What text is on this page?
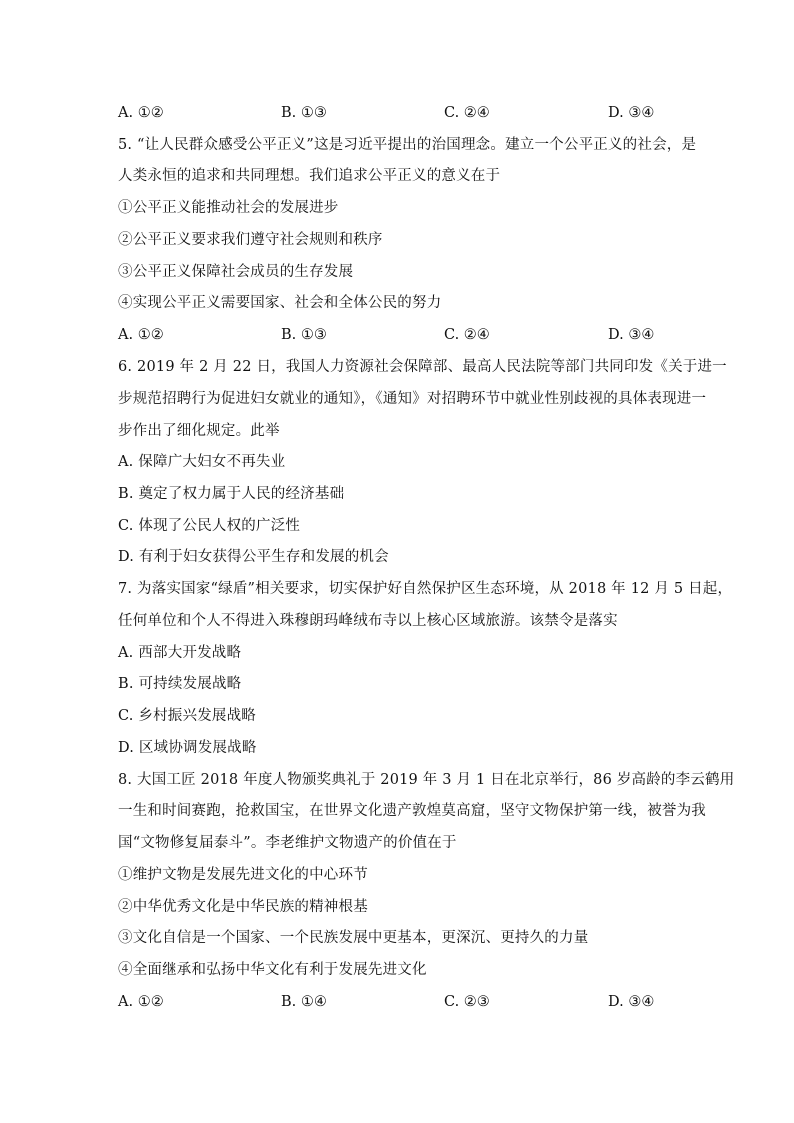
A. ①②	B. ①③	C. ②④	D. ③④
5. “让人民群众感受公平正义”这是习近平提出的治国理念。建立一个公平正义的社会，是
人类永恒的追求和共同理想。我们追求公平正义的意义在于
①公平正义能推动社会的发展进步
②公平正义要求我们遵守社会规则和秩序
③公平正义保障社会成员的生存发展
④实现公平正义需要国家、社会和全体公民的努力
A. ①②	B. ①③	C. ②④	D. ③④
6. 2019 年 2 月 22 日，我国人力资源社会保障部、最高人民法院等部门共同印发《关于进一
步规范招聘行为促进妇女就业的通知》，《通知》对招聘环节中就业性别歧视的具体表现进一
步作出了细化规定。此举
A. 保障广大妇女不再失业
B. 奠定了权力属于人民的经济基础
C. 体现了公民人权的广泛性
D. 有利于妇女获得公平生存和发展的机会
7. 为落实国家“绿盾”相关要求，切实保护好自然保护区生态环境，从 2018 年 12 月 5 日起，
任何单位和个人不得进入珠穆朗玛峰绒布寺以上核心区域旅游。该禁令是落实
A. 西部大开发战略
B. 可持续发展战略
C. 乡村振兴发展战略
D. 区域协调发展战略
8. 大国工匠 2018 年度人物颁奖典礼于 2019 年 3 月 1 日在北京举行，86 岁高龄的李云鹤用
一生和时间赛跑，抢救国宝，在世界文化遗产敦煌莫高窟，坚守文物保护第一线，被誉为我
国“文物修复届泰斗”。李老维护文物遗产的价值在于
①维护文物是发展先进文化的中心环节
②中华优秀文化是中华民族的精神根基
③文化自信是一个国家、一个民族发展中更基本，更深沉、更持久的力量
④全面继承和弘扬中华文化有利于发展先进文化
A. ①②	B. ①④	C. ②③	D. ③④
